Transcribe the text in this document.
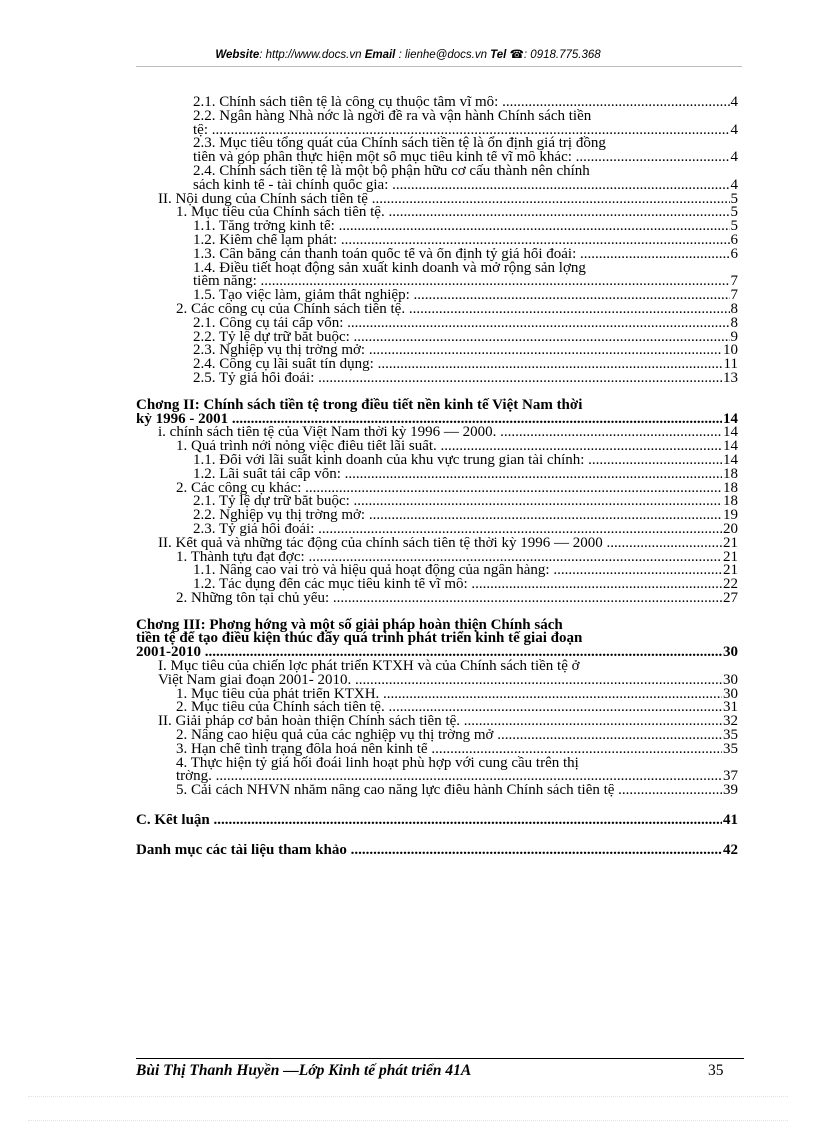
Website: http://www.docs.vn Email : lienhe@docs.vn Tel ☎: 0918.775.368
2.1. Chính sách tiền tệ là công cụ thuộc tầm vĩ mô: .....	4
2.2. Ngân hàng Nhà nớc là ngời đề ra và vận hành Chính sách tiền
tệ: .....	4
2.3. Mục tiêu tổng quát của Chính sách tiền tệ là ổn định giá trị đồng
tiền và góp phần thực hiện một số mục tiêu kinh tế vĩ mô khác: .....	4
2.4. Chính sách tiền tệ là một bộ phận hữu cơ cấu thành nên chính
sách kinh tế - tài chính quốc gia: .....	4
II. Nội dung của Chính sách tiền tệ .....	5
1. Mục tiêu của Chính sách tiền tệ. .....	5
1.1. Tăng trởng kinh tế: .....	5
1.2. Kiềm chế lạm phát: .....	6
1.3. Cân bằng cán thanh toán quốc tế và ổn định tỷ giá hối đoái: .....	6
1.4. Điều tiết hoạt động sản xuất kinh doanh và mở rộng sản lợng
tiềm năng: .....	7
1.5. Tạo việc làm, giảm thất nghiệp: .....	7
2. Các công cụ của Chính sách tiền tệ. .....	8
2.1. Công cụ tái cấp vốn: .....	8
2.2. Tỷ lệ dự trữ bắt buộc: .....	9
2.3. Nghiệp vụ thị trờng mở: .....	10
2.4. Công cụ lãi suất tín dụng: .....	11
2.5. Tỷ giá hối đoái: .....	13
Chơng II: Chính sách tiền tệ trong điều tiết nền kinh tế Việt Nam thời
kỳ 1996 - 2001 .....	14
i. chính sách tiền tệ của Việt Nam thời kỳ 1996 — 2000. .....	14
1. Quá trình nới nỏng việc điều tiết lãi suất. .....	14
1.1. Đối với lãi suất kinh doanh của khu vực trung gian tài chính: .....	14
1.2. Lãi suất tái cấp vốn: .....	18
2. Các công cụ khác: .....	18
2.1. Tỷ lệ dự trữ bắt buộc: .....	18
2.2. Nghiệp vụ thị trờng mở: .....	19
2.3. Tỷ giá hối đoái: .....	20
II. Kết quả và những tác động của chính sách tiền tệ thời kỳ 1996 — 2000 .....	21
1. Thành tựu đạt đợc: .....	21
1.1. Nâng cao vai trò và hiệu quả hoạt động của ngân hàng: .....	21
1.2. Tác dụng đến các mục tiêu kinh tế vĩ mô: .....	22
2. Những tồn tại chủ yếu: .....	27
Chơng III: Phơng hớng và một số giải pháp hoàn thiện Chính sách
tiền tệ để tạo điều kiện thúc đẩy quá trình phát triển kinh tế giai đoạn
2001-2010 .....	30
I. Mục tiêu của chiến lợc phát triển KTXH và của Chính sách tiền tệ ở
Việt Nam giai đoạn 2001- 2010. .....	30
1. Mục tiêu của phát triển KTXH. .....	30
2. Mục tiêu của Chính sách tiền tệ. .....	31
II. Giải pháp cơ bản hoàn thiện Chính sách tiền tệ. .....	32
2. Nâng cao hiệu quả của các nghiệp vụ thị trờng mở .....	35
3. Hạn chế tình trạng đôla hoá nền kinh tế .....	35
4. Thực hiện tỷ giá hối đoái linh hoạt phù hợp với cung cầu trên thị
trờng. .....	37
5. Cải cách NHVN nhằm nâng cao năng lực điều hành Chính sách tiền tệ .....	39
C. Kết luận .....	41
Danh mục các tài liệu tham khảo .....	42
Bùi Thị Thanh Huyền —Lớp Kinh tế phát triển 41A	35
